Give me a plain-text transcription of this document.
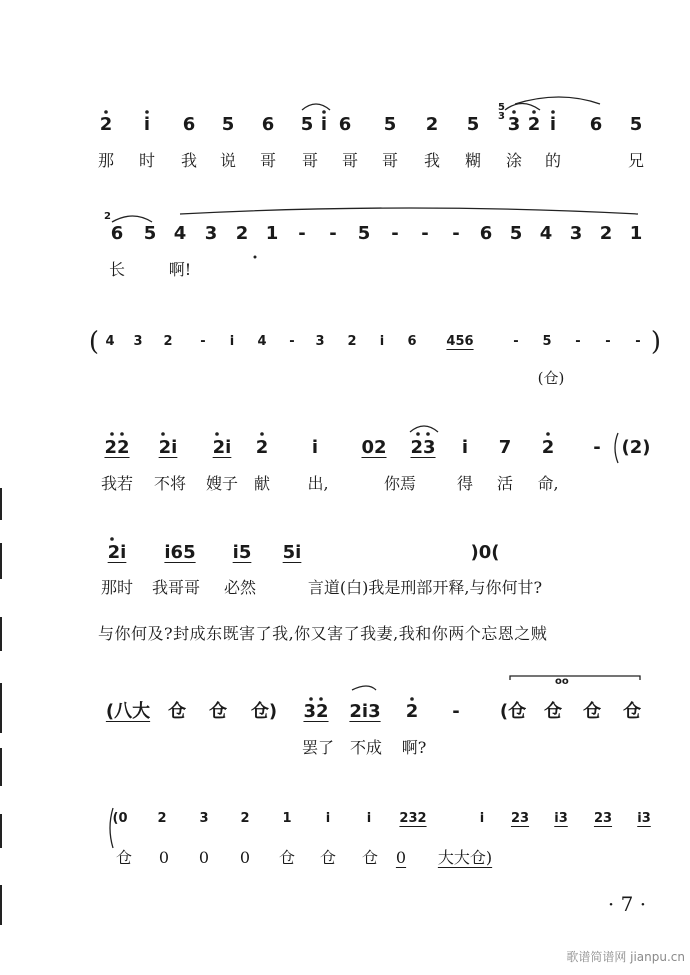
2 i 6 5 6 5 i 6 5 2 5 3 2 i 6 5
5
3
那 时 我 说 哥 哥 哥 哥 我 糊 涂 的	兄
2
6 5 4 3 2 1 - - 5 - - - 6 5 4 3 2 1
长	啊!
( 4 3 2 - i 4 - 3 2 i 6 456	- 5 - - - )
(仓)
22 2i 2i 2 i 02 23 i 7 2 - (2)
我若 不将 嫂子 献 出,	你焉	得 活 命,
2i i65 i5 5i	)0(
那时 我哥哥 必然	言道(白)我是刑部开释,与你何甘?
与你何及?封成东既害了我,你又害了我妻,我和你两个忘恩之贼
oo
(八大 仓 仓 仓) 32 2i3 2 - (仓 仓 仓 仓
罢了 不成 啊?
(0 2	3 2	1	i	i 232	i 23 i3 23 i3
仓 0 0 0 仓 仓 仓 0 大大仓)
· 7 ·
歌谱简谱网 jianpu.cn
